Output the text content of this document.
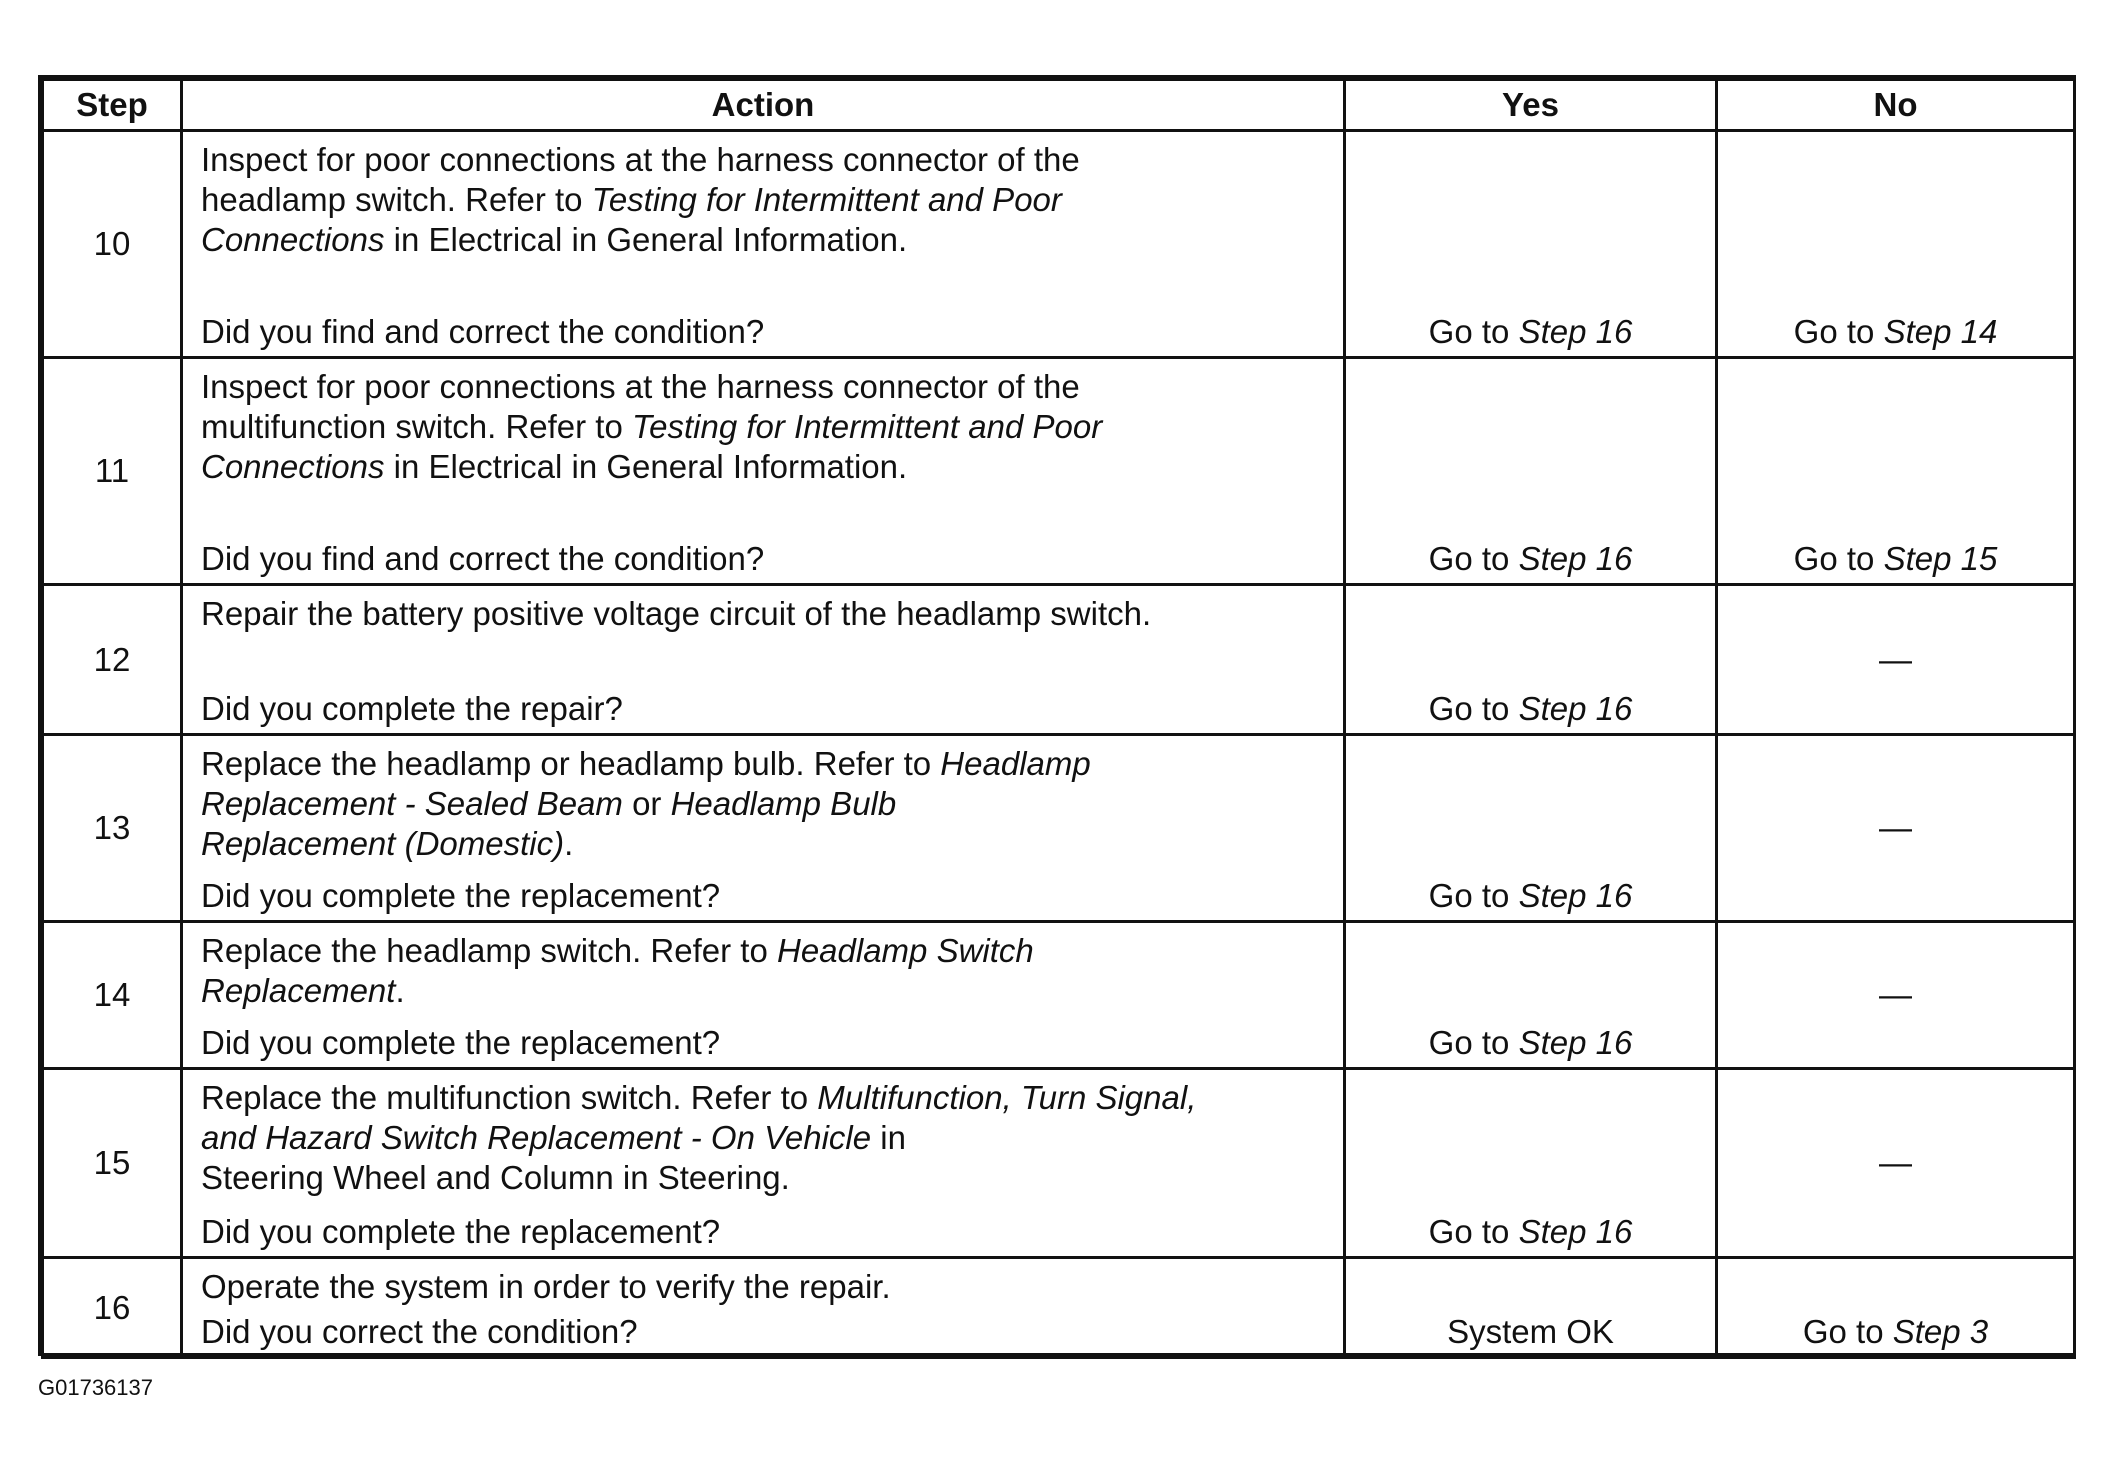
Step	Action	Yes	No
10	Inspect for poor connections at the harness connector of the
headlamp switch. Refer to Testing for Intermittent and Poor
Connections in Electrical in General Information.
Did you find and correct the condition?	Go to Step 16	Go to Step 14
11	Inspect for poor connections at the harness connector of the
multifunction switch. Refer to Testing for Intermittent and Poor
Connections in Electrical in General Information.
Did you find and correct the condition?	Go to Step 16	Go to Step 15
12	Repair the battery positive voltage circuit of the headlamp switch.
Did you complete the repair?	Go to Step 16	—
13	Replace the headlamp or headlamp bulb. Refer to Headlamp
Replacement - Sealed Beam or Headlamp Bulb
Replacement (Domestic).
Did you complete the replacement?	Go to Step 16	—
14	Replace the headlamp switch. Refer to Headlamp Switch
Replacement.
Did you complete the replacement?	Go to Step 16	—
15	Replace the multifunction switch. Refer to Multifunction, Turn Signal,
and Hazard Switch Replacement - On Vehicle in
Steering Wheel and Column in Steering.
Did you complete the replacement?	Go to Step 16	—
16	Operate the system in order to verify the repair.
Did you correct the condition?	System OK	Go to Step 3
G01736137
